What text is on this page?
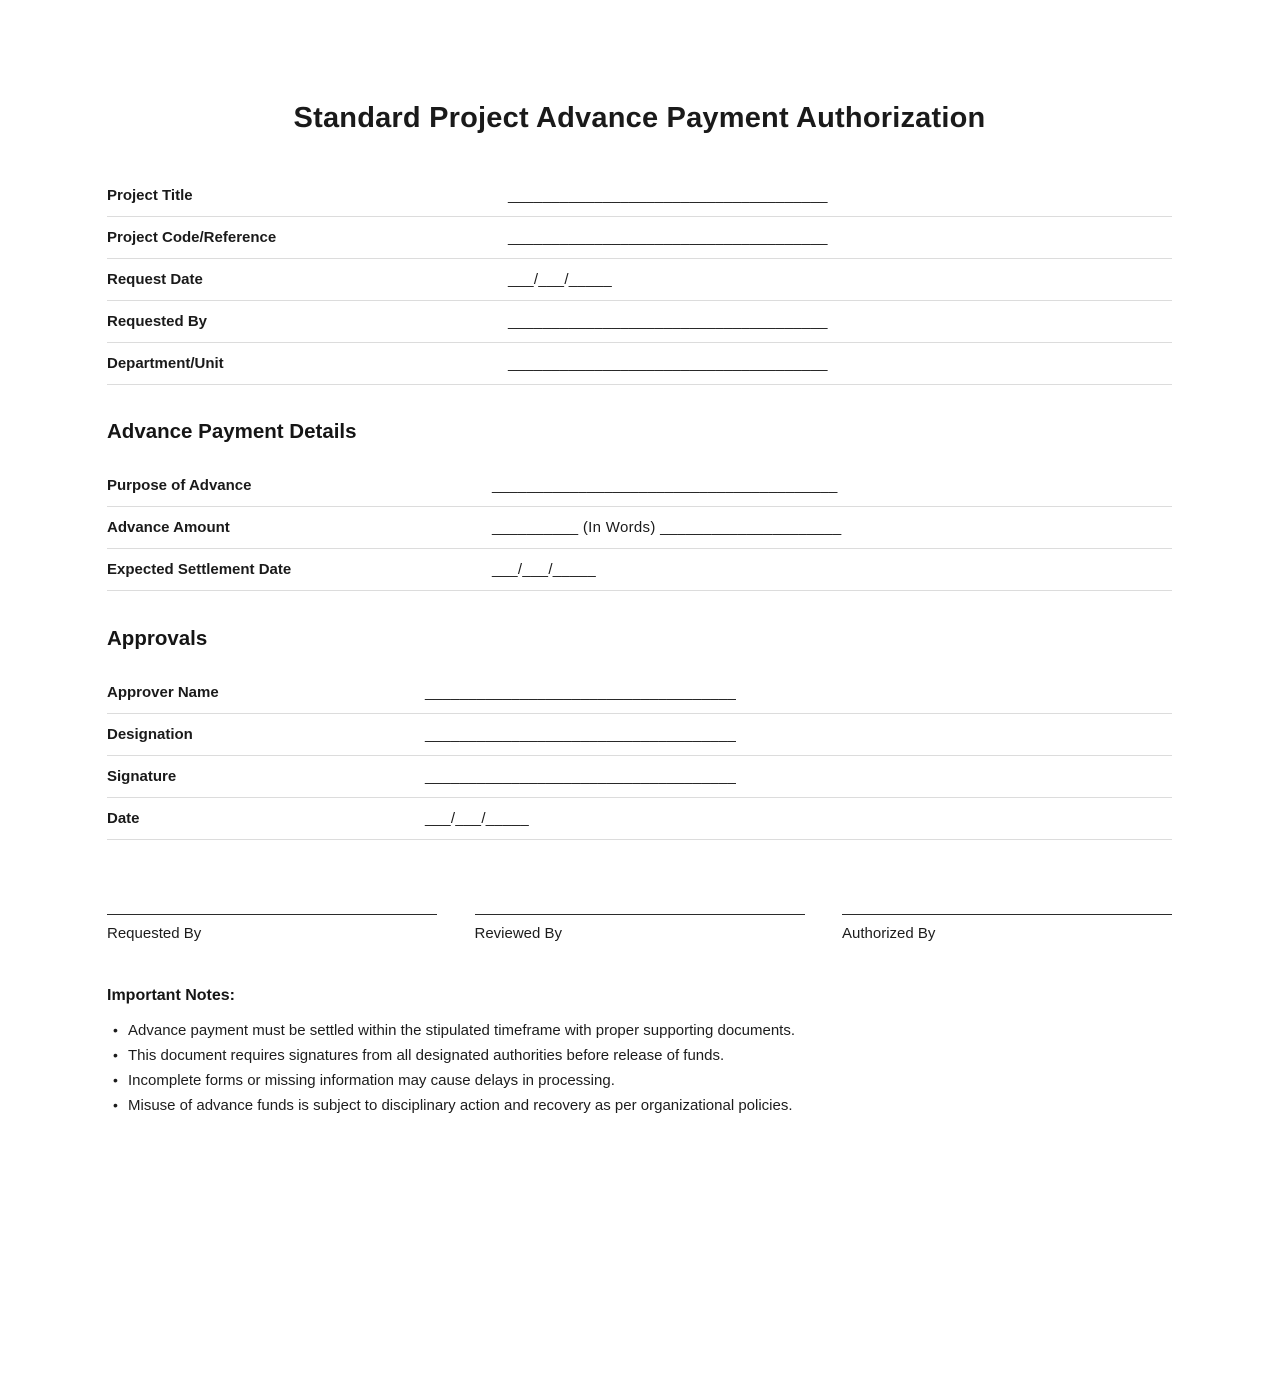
Standard Project Advance Payment Authorization
Project Title	_____________________________________
Project Code/Reference	_____________________________________
Request Date	___/___/_____
Requested By	_____________________________________
Department/Unit	_____________________________________
Advance Payment Details
Purpose of Advance	________________________________________
Advance Amount	__________ (In Words) _____________________
Expected Settlement Date	___/___/_____
Approvals
Approver Name	____________________________________
Designation	____________________________________
Signature	____________________________________
Date	___/___/_____
Requested By	Reviewed By	Authorized By
Important Notes:
• Advance payment must be settled within the stipulated timeframe with proper supporting documents.
• This document requires signatures from all designated authorities before release of funds.
• Incomplete forms or missing information may cause delays in processing.
• Misuse of advance funds is subject to disciplinary action and recovery as per organizational policies.
